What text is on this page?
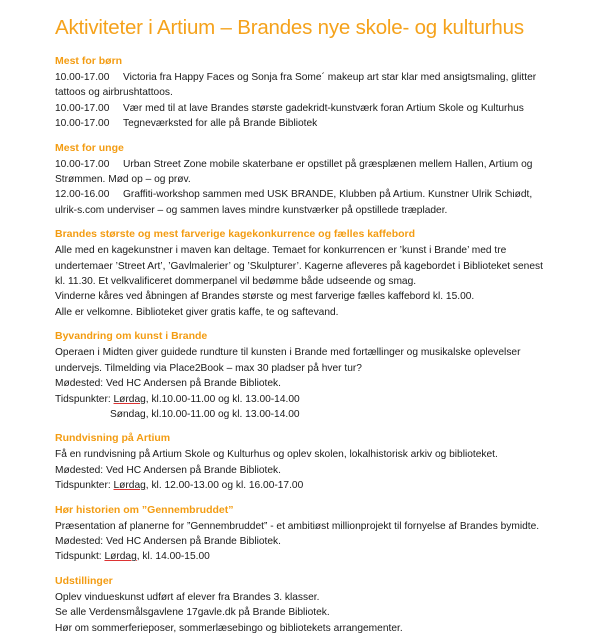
Aktiviteter i Artium – Brandes nye skole- og kulturhus
Mest for børn
10.00-17.00 Victoria fra Happy Faces og Sonja fra Some´ makeup art star klar med ansigtsmaling, glitter tattoos og airbrushtattoos.
10.00-17.00 Vær med til at lave Brandes største gadekridt-kunstværk foran Artium Skole og Kulturhus
10.00-17.00 Tegneværksted for alle på Brande Bibliotek
Mest for unge
10.00-17.00 Urban Street Zone mobile skaterbane er opstillet på græsplænen mellem Hallen, Artium og Strømmen. Mød op – og prøv.
12.00-16.00 Graffiti-workshop sammen med USK BRANDE, Klubben på Artium. Kunstner Ulrik Schiødt, ulrik-s.com underviser – og sammen laves mindre kunstværker på opstillede træplader.
Brandes største og mest farverige kagekonkurrence og fælles kaffebord
Alle med en kagekunstner i maven kan deltage. Temaet for konkurrencen er ’kunst i Brande’ med tre undertemaer ’Street Art’, ’Gavlmalerier’ og ’Skulpturer’. Kagerne afleveres på kagebordet i Biblioteket senest kl. 11.30. Et velkvalificeret dommerpanel vil bedømme både udseende og smag.
Vinderne kåres ved åbningen af Brandes største og mest farverige fælles kaffebord kl. 15.00.
Alle er velkomne. Biblioteket giver gratis kaffe, te og saftevand.
Byvandring om kunst i Brande
Operaen i Midten giver guidede rundture til kunsten i Brande med fortællinger og musikalske oplevelser undervejs. Tilmelding via Place2Book – max 30 pladser på hver tur?
Mødested: Ved HC Andersen på Brande Bibliotek.
Tidspunkter: Lørdag, kl.10.00-11.00 og kl. 13.00-14.00
Søndag, kl.10.00-11.00 og kl. 13.00-14.00
Rundvisning på Artium
Få en rundvisning på Artium Skole og Kulturhus og oplev skolen, lokalhistorisk arkiv og biblioteket.
Mødested: Ved HC Andersen på Brande Bibliotek.
Tidspunkter: Lørdag, kl. 12.00-13.00 og kl. 16.00-17.00
Hør historien om ”Gennembruddet”
Præsentation af planerne for ”Gennembruddet” - et ambitiøst millionprojekt til fornyelse af Brandes bymidte.
Mødested: Ved HC Andersen på Brande Bibliotek.
Tidspunkt: Lørdag, kl. 14.00-15.00
Udstillinger
Oplev vindueskunst udført af elever fra Brandes 3. klasser.
Se alle Verdensmålsgavlene 17gavle.dk på Brande Bibliotek.
Hør om sommerferieposer, sommerlæsebingo og bibliotekets arrangementer.
